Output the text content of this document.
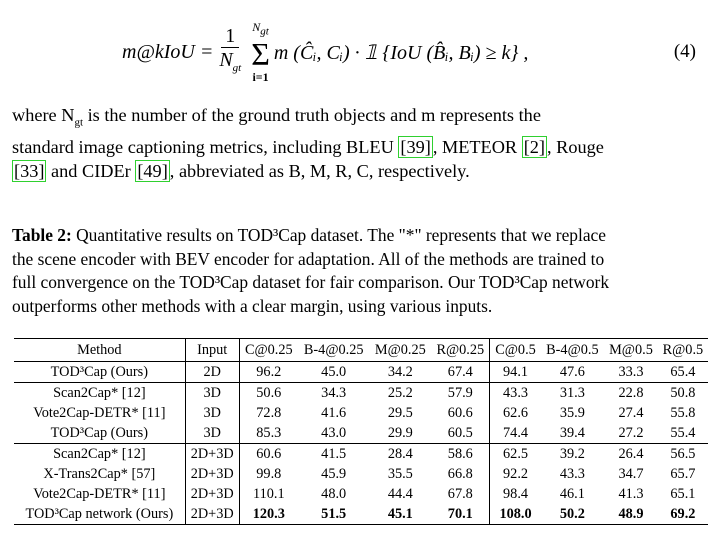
m@kIoU = $\frac{1}{N_{gt}} N_{gt}$
Σ
i=1
m (Ĉᵢ, Cᵢ) · 𝟙 {IoU (B̂ᵢ, Bᵢ) ≥ k} ,	(4)
where $N_{gt}$ is the number of the ground truth objects and m represents the
standard image captioning metrics, including BLEU [39] , METEOR [2] , Rouge
[33] and CIDEr [49] , abbreviated as B, M, R, C, respectively.
Table 2: Quantitative results on TOD³Cap dataset. The "*" represents that we replace
the scene encoder with BEV encoder for adaptation. All of the methods are trained to
full convergence on the TOD³Cap dataset for fair comparison. Our TOD³Cap network
outperforms other methods with a clear margin, using various inputs.
Method	Input	C@0.25	B-4@0.25	M@0.25	R@0.25	C@0.5	B-4@0.5	M@0.5	R@0.5
TOD³Cap (Ours)	2D	96.2	45.0	34.2	67.4	94.1	47.6	33.3	65.4
Scan2Cap* [12]	3D	50.6	34.3	25.2	57.9	43.3	31.3	22.8	50.8
Vote2Cap-DETR* [11]	3D	72.8	41.6	29.5	60.6	62.6	35.9	27.4	55.8
TOD³Cap (Ours)	3D	85.3	43.0	29.9	60.5	74.4	39.4	27.2	55.4
Scan2Cap* [12]	2D+3D	60.6	41.5	28.4	58.6	62.5	39.2	26.4	56.5
X-Trans2Cap* [57]	2D+3D	99.8	45.9	35.5	66.8	92.2	43.3	34.7	65.7
Vote2Cap-DETR* [11]	2D+3D	110.1	48.0	44.4	67.8	98.4	46.1	41.3	65.1
TOD³Cap network (Ours)	2D+3D	120.3	51.5	45.1	70.1	108.0	50.2	48.9	69.2
